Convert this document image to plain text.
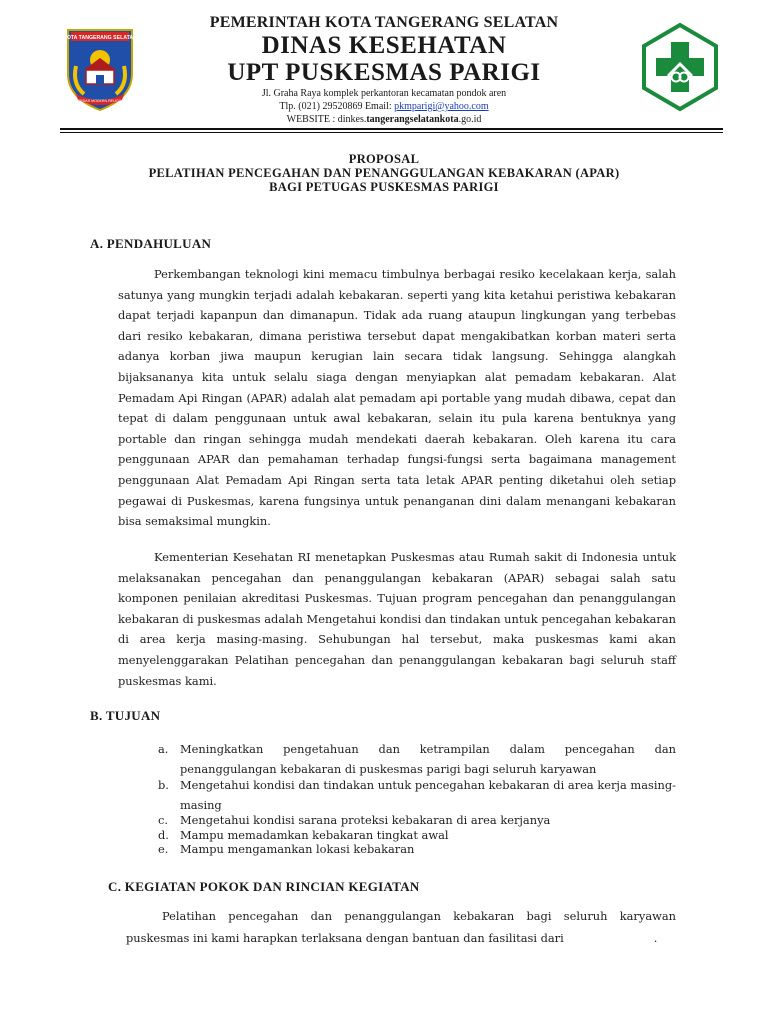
KOTA TANGERANG SELATAN
CERDAS MODERN RELIGIUS
PEMERINTAH KOTA TANGERANG SELATAN
DINAS KESEHATAN
UPT PUSKESMAS PARIGI
Jl. Graha Raya komplek perkantoran kecamatan pondok aren
Tlp. (021) 29520869 Email: pkmparigi@yahoo.com
WEBSITE : dinkes.tangerangselatankota.go.id
PROPOSAL
PELATIHAN PENCEGAHAN DAN PENANGGULANGAN KEBAKARAN (APAR)
BAGI PETUGAS PUSKESMAS PARIGI
A. PENDAHULUAN

Perkembangan teknologi kini memacu timbulnya berbagai resiko kecelakaan kerja, salah satunya yang mungkin terjadi adalah kebakaran. seperti yang kita ketahui peristiwa kebakaran dapat terjadi kapanpun dan dimanapun. Tidak ada ruang ataupun lingkungan yang terbebas dari resiko kebakaran, dimana peristiwa tersebut dapat mengakibatkan korban materi serta adanya korban jiwa maupun kerugian lain secara tidak langsung. Sehingga alangkah bijaksananya kita untuk selalu siaga dengan menyiapkan alat pemadam kebakaran. Alat Pemadam Api Ringan (APAR) adalah alat pemadam api portable yang mudah dibawa, cepat dan tepat di dalam penggunaan untuk awal kebakaran, selain itu pula karena bentuknya yang portable dan ringan sehingga mudah mendekati daerah kebakaran. Oleh karena itu cara penggunaan APAR dan pemahaman terhadap fungsi-fungsi serta bagaimana management penggunaan Alat Pemadam Api Ringan serta tata letak APAR penting diketahui oleh setiap pegawai di Puskesmas, karena fungsinya untuk penanganan dini dalam menangani kebakaran bisa semaksimal mungkin.

Kementerian Kesehatan RI menetapkan Puskesmas atau Rumah sakit di Indonesia untuk melaksanakan pencegahan dan penanggulangan kebakaran (APAR) sebagai salah satu komponen penilaian akreditasi Puskesmas. Tujuan program pencegahan dan penanggulangan kebakaran di puskesmas adalah Mengetahui kondisi dan tindakan untuk pencegahan kebakaran di area kerja masing-masing. Sehubungan hal tersebut, maka puskesmas kami akan menyelenggarakan Pelatihan pencegahan dan penanggulangan kebakaran bagi seluruh staff puskesmas kami.

B. TUJUAN
a. Meningkatkan pengetahuan dan ketrampilan dalam pencegahan dan penanggulangan kebakaran di puskesmas parigi bagi seluruh karyawan
b. Mengetahui kondisi dan tindakan untuk pencegahan kebakaran di area kerja masing-masing
c. Mengetahui kondisi sarana proteksi kebakaran di area kerjanya
d. Mampu memadamkan kebakaran tingkat awal
e. Mampu mengamankan lokasi kebakaran
C. KEGIATAN POKOK DAN RINCIAN KEGIATAN

Pelatihan pencegahan dan penanggulangan kebakaran bagi seluruh karyawan puskesmas ini kami harapkan terlaksana dengan bantuan dan fasilitasi dari	.
